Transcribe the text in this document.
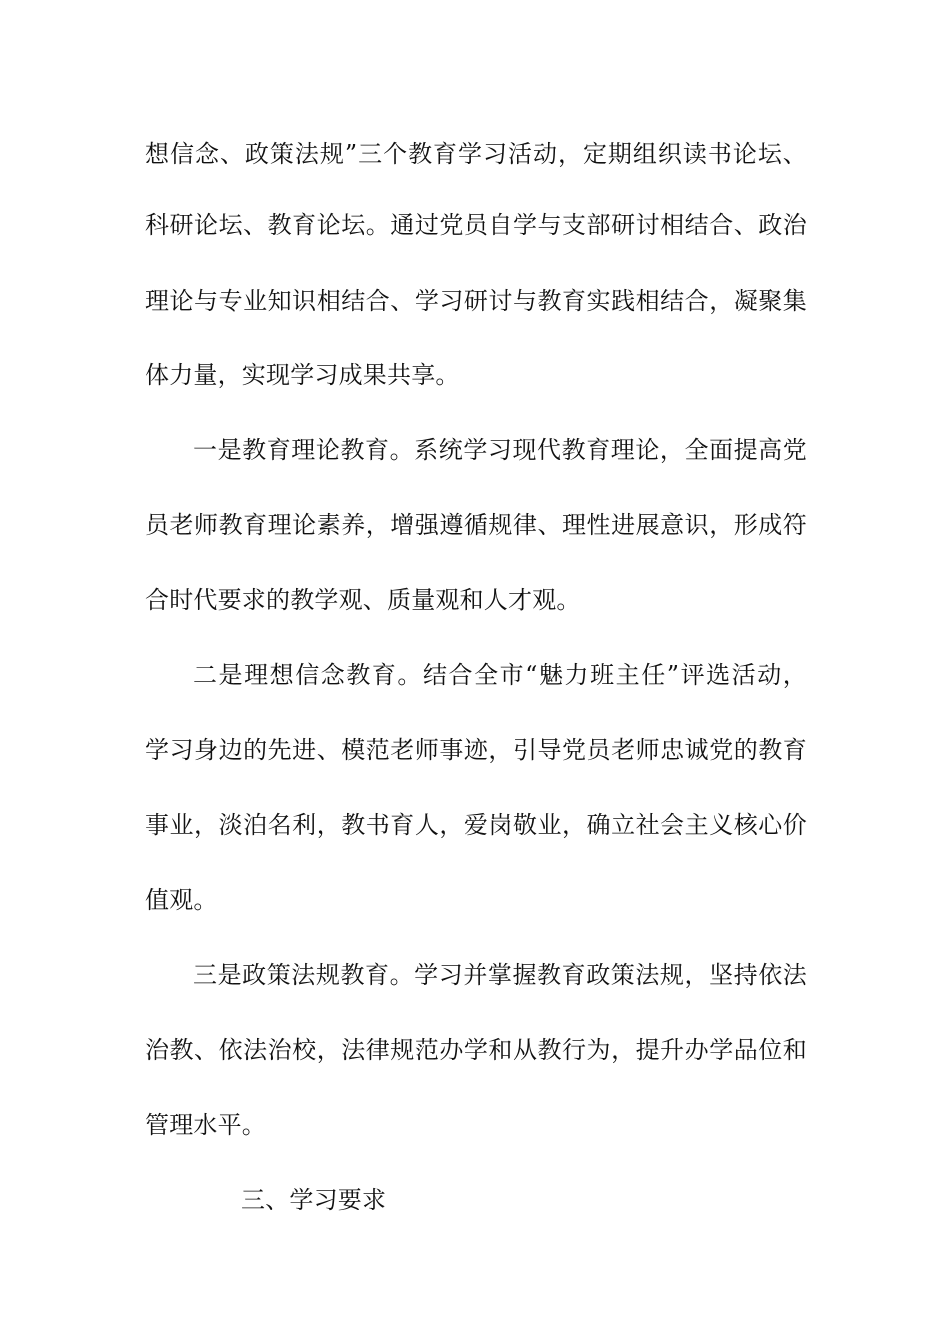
想信念、政策法规”三个教育学习活动，定期组织读书论坛、
科研论坛、教育论坛。通过党员自学与支部研讨相结合、政治
理论与专业知识相结合、学习研讨与教育实践相结合，凝聚集
体力量，实现学习成果共享。
一是教育理论教育。系统学习现代教育理论，全面提高党
员老师教育理论素养，增强遵循规律、理性进展意识，形成符
合时代要求的教学观、质量观和人才观。
二是理想信念教育。结合全市“魅力班主任”评选活动，
学习身边的先进、模范老师事迹，引导党员老师忠诚党的教育
事业，淡泊名利，教书育人，爱岗敬业，确立社会主义核心价
值观。
三是政策法规教育。学习并掌握教育政策法规，坚持依法
治教、依法治校，法律规范办学和从教行为，提升办学品位和
管理水平。
三、学习要求
